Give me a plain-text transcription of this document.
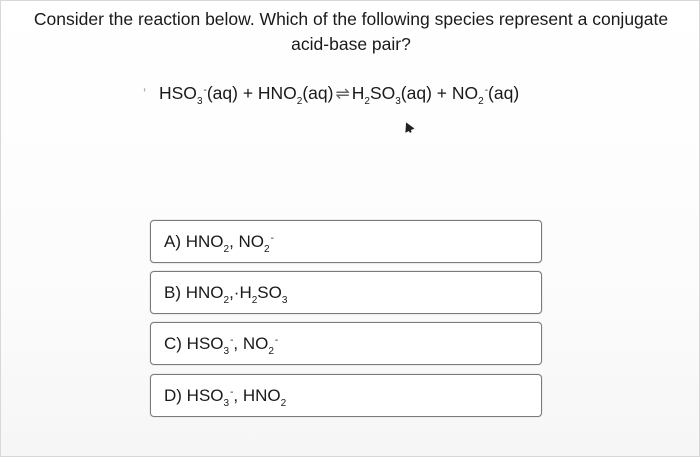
Consider the reaction below. Which of the following species represent a conjugate
acid-base pair?
’ $HSO_3^-(aq) + HNO_2(aq)$ ⇌ $H_2SO_3(aq) + NO_2^-(aq)$
A) $HNO_2$, $NO_2^-$
B) $HNO_2,\cdot H_2SO_3$
C) $HSO_3^-$, $NO_2^-$
D) $HSO_3^-$, $HNO_2$
